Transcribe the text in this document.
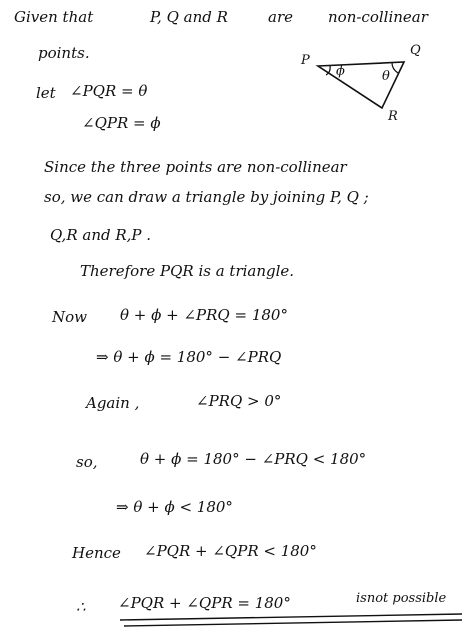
Given that	P, Q and R	are non-collinear
points.
let ∠PQR = θ
∠QPR = ϕ
P
Q
R
ϕ	θ
Since the three points are non-collinear
so, we can draw a triangle by joining P, Q ;
Q,R and R,P .
Therefore PQR is a triangle.
Now θ + ϕ + ∠PRQ = 180°
⇒ θ + ϕ = 180° − ∠PRQ
Again ,	∠PRQ > 0°
so,	θ + ϕ = 180° − ∠PRQ < 180°
⇒ θ + ϕ < 180°
Hence ∠PQR + ∠QPR < 180°
∴ ∠PQR + ∠QPR = 180°	isnot possible
